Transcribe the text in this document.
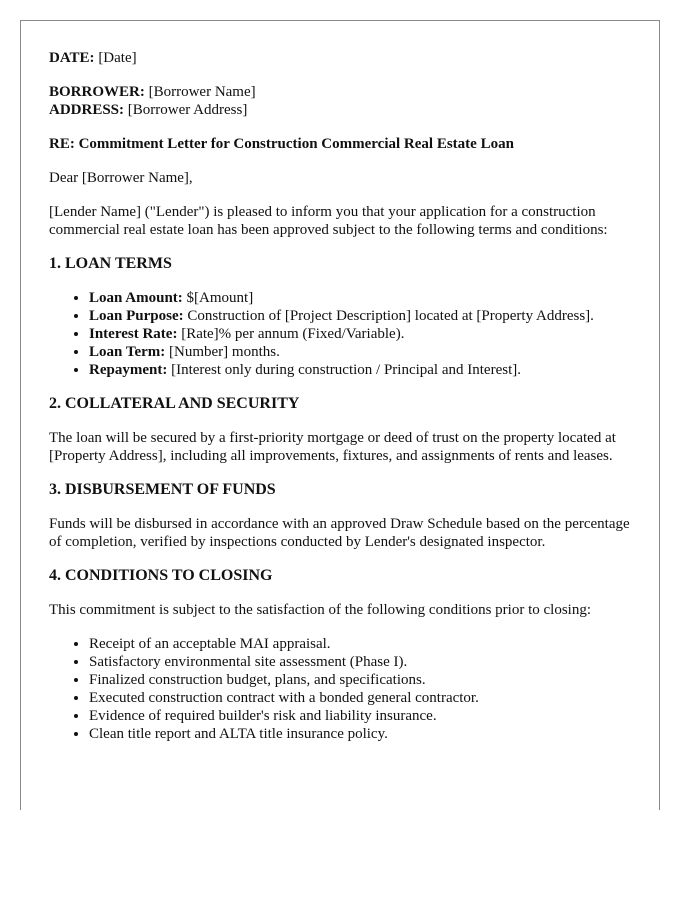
DATE: [Date]

BORROWER: [Borrower Name]

ADDRESS: [Borrower Address]

RE: Commitment Letter for Construction Commercial Real Estate Loan

Dear [Borrower Name],

[Lender Name] ("Lender") is pleased to inform you that your application for a construction commercial real estate loan has been approved subject to the following terms and conditions:

1. LOAN TERMS
• Loan Amount: $[Amount]
• Loan Purpose: Construction of [Project Description] located at [Property Address].
• Interest Rate: [Rate]% per annum (Fixed/Variable).
• Loan Term: [Number] months.
• Repayment: [Interest only during construction / Principal and Interest].
2. COLLATERAL AND SECURITY

The loan will be secured by a first-priority mortgage or deed of trust on the property located at [Property Address], including all improvements, fixtures, and assignments of rents and leases.

3. DISBURSEMENT OF FUNDS

Funds will be disbursed in accordance with an approved Draw Schedule based on the percentage of completion, verified by inspections conducted by Lender's designated inspector.

4. CONDITIONS TO CLOSING

This commitment is subject to the satisfaction of the following conditions prior to closing:

• Receipt of an acceptable MAI appraisal.
• Satisfactory environmental site assessment (Phase I).
• Finalized construction budget, plans, and specifications.
• Executed construction contract with a bonded general contractor.
• Evidence of required builder's risk and liability insurance.
• Clean title report and ALTA title insurance policy.
